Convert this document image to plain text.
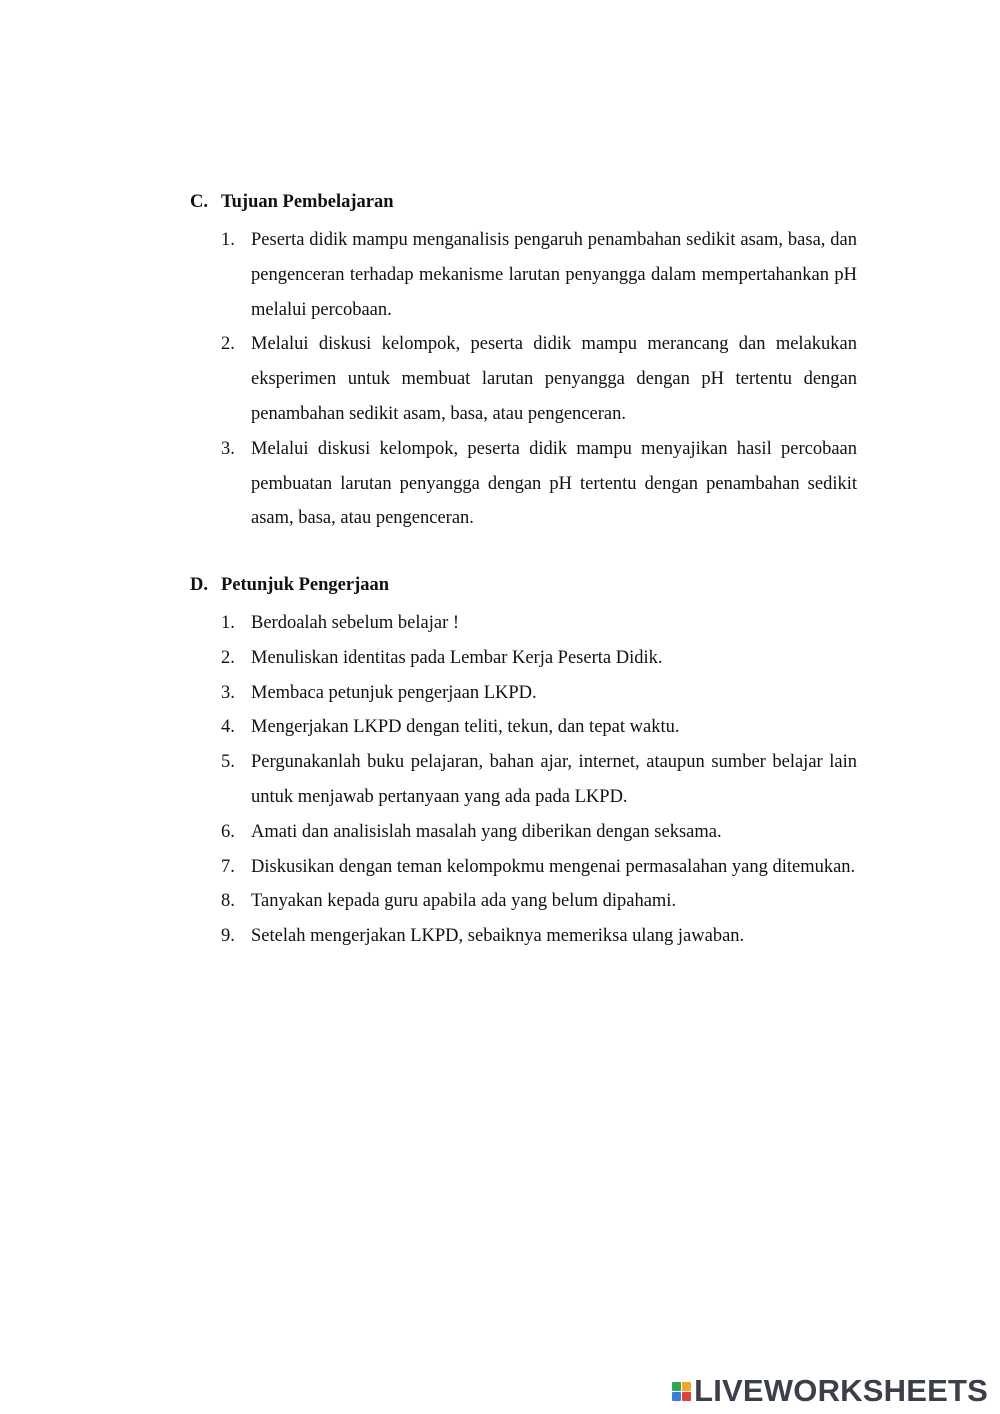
C. Tujuan Pembelajaran
1. Peserta didik mampu menganalisis pengaruh penambahan sedikit asam, basa, dan pengenceran terhadap mekanisme larutan penyangga dalam mempertahankan pH melalui percobaan.
2. Melalui diskusi kelompok, peserta didik mampu merancang dan melakukan eksperimen untuk membuat larutan penyangga dengan pH tertentu dengan penambahan sedikit asam, basa, atau pengenceran.
3. Melalui diskusi kelompok, peserta didik mampu menyajikan hasil percobaan pembuatan larutan penyangga dengan pH tertentu dengan penambahan sedikit asam, basa, atau pengenceran.
D. Petunjuk Pengerjaan
1. Berdoalah sebelum belajar !
2. Menuliskan identitas pada Lembar Kerja Peserta Didik.
3. Membaca petunjuk pengerjaan LKPD.
4. Mengerjakan LKPD dengan teliti, tekun, dan tepat waktu.
5. Pergunakanlah buku pelajaran, bahan ajar, internet, ataupun sumber belajar lain untuk menjawab pertanyaan yang ada pada LKPD.
6. Amati dan analisislah masalah yang diberikan dengan seksama.
7. Diskusikan dengan teman kelompokmu mengenai permasalahan yang ditemukan.
8. Tanyakan kepada guru apabila ada yang belum dipahami.
9. Setelah mengerjakan LKPD, sebaiknya memeriksa ulang jawaban.
LIVEWORKSHEETS
